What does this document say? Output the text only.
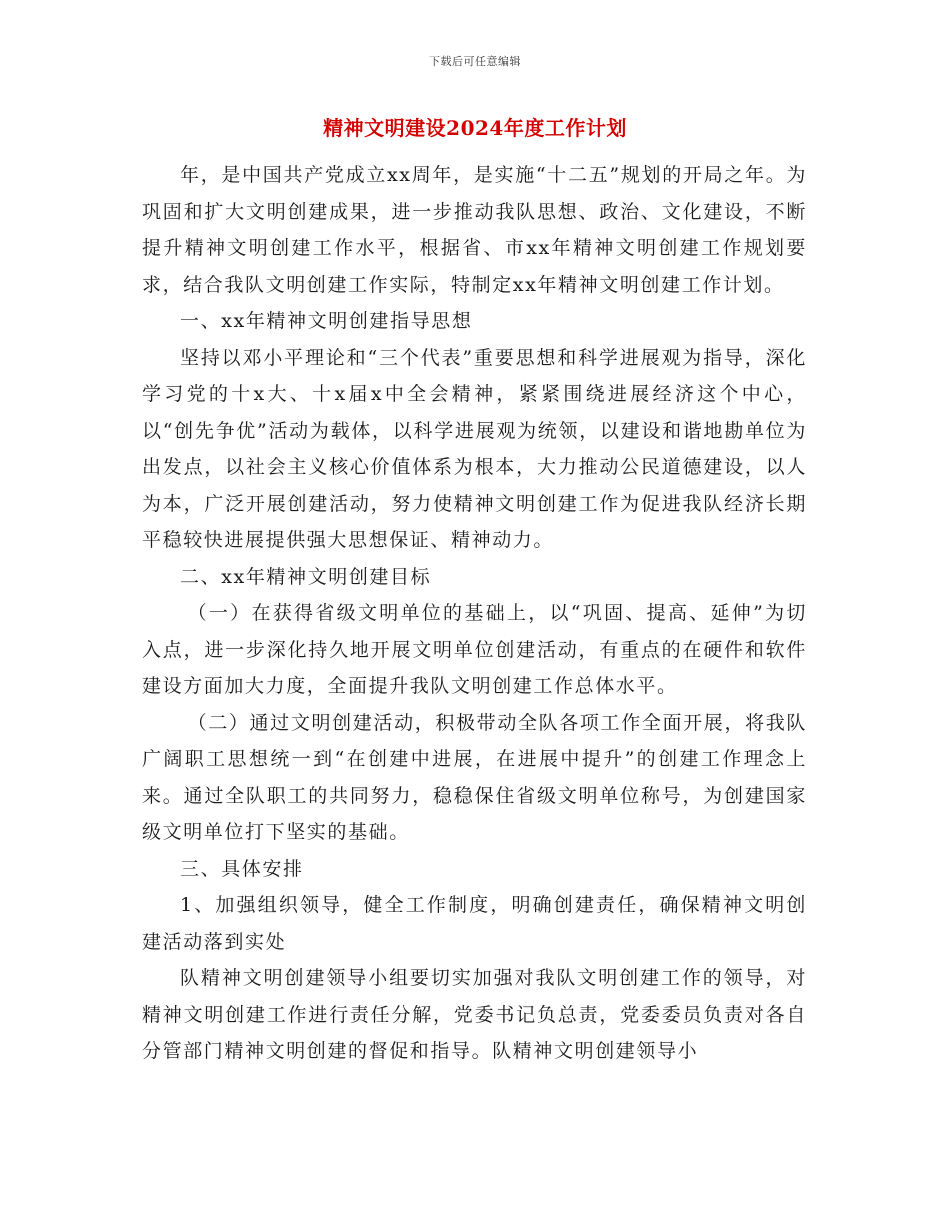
下载后可任意编辑
精神文明建设2024年度工作计划

年，是中国共产党成立xx周年，是实施“十二五”规划的开局之年。为巩固和扩大文明创建成果，进一步推动我队思想、政治、文化建设，不断提升精神文明创建工作水平，根据省、市xx年精神文明创建工作规划要求，结合我队文明创建工作实际，特制定xx年精神文明创建工作计划。

一、xx年精神文明创建指导思想

坚持以邓小平理论和“三个代表”重要思想和科学进展观为指导，深化学习党的十x大、十x届x中全会精神，紧紧围绕进展经济这个中心，以“创先争优”活动为载体，以科学进展观为统领，以建设和谐地勘单位为出发点，以社会主义核心价值体系为根本，大力推动公民道德建设，以人为本，广泛开展创建活动，努力使精神文明创建工作为促进我队经济长期平稳较快进展提供强大思想保证、精神动力。

二、xx年精神文明创建目标

（一）在获得省级文明单位的基础上，以“巩固、提高、延伸”为切入点，进一步深化持久地开展文明单位创建活动，有重点的在硬件和软件建设方面加大力度，全面提升我队文明创建工作总体水平。

（二）通过文明创建活动，积极带动全队各项工作全面开展，将我队广阔职工思想统一到“在创建中进展，在进展中提升”的创建工作理念上来。通过全队职工的共同努力，稳稳保住省级文明单位称号，为创建国家级文明单位打下坚实的基础。

三、具体安排

1、加强组织领导，健全工作制度，明确创建责任，确保精神文明创建活动落到实处

队精神文明创建领导小组要切实加强对我队文明创建工作的领导，对精神文明创建工作进行责任分解，党委书记负总责，党委委员负责对各自分管部门精神文明创建的督促和指导。队精神文明创建领导小
